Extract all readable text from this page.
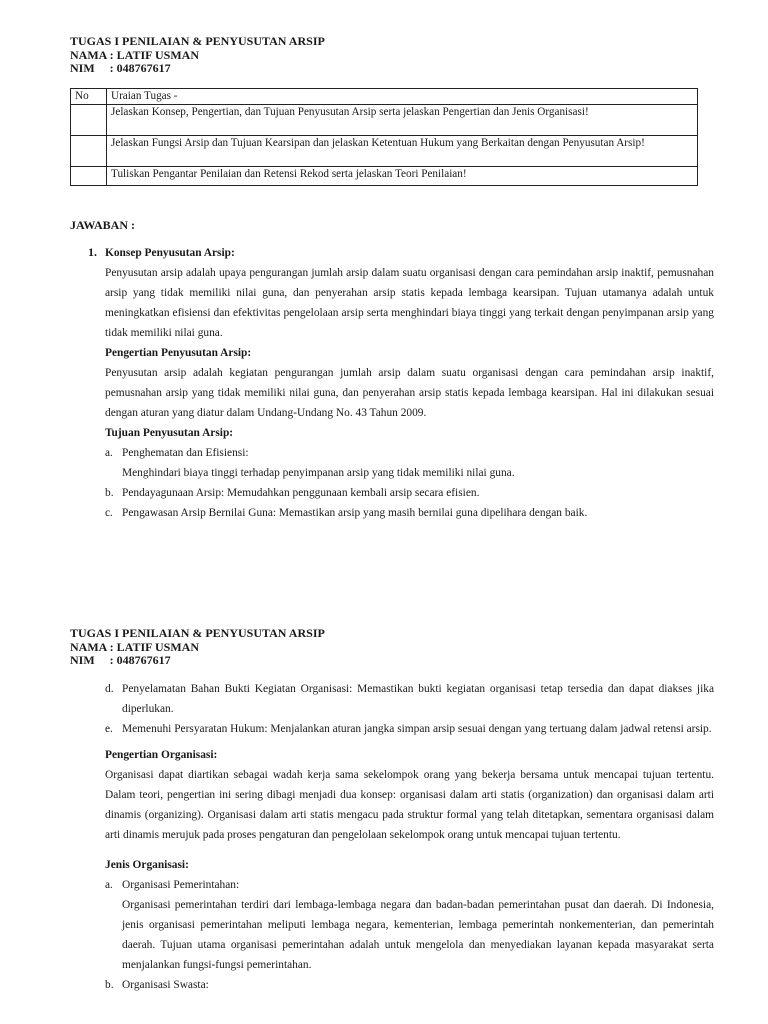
TUGAS I PENILAIAN & PENYUSUTAN ARSIP
NAMA : LATIF USMAN
NIM     : 048767617
No	Uraian Tugas -
	Jelaskan Konsep, Pengertian, dan Tujuan Penyusutan Arsip serta jelaskan Pengertian dan Jenis Organisasi!
	Jelaskan Fungsi Arsip dan Tujuan Kearsipan dan jelaskan Ketentuan Hukum yang Berkaitan dengan Penyusutan Arsip!
	Tuliskan Pengantar Penilaian dan Retensi Rekod serta jelaskan Teori Penilaian!
JAWABAN :
1. Konsep Penyusutan Arsip:

Penyusutan arsip adalah upaya pengurangan jumlah arsip dalam suatu organisasi dengan cara pemindahan arsip inaktif, pemusnahan arsip yang tidak memiliki nilai guna, dan penyerahan arsip statis kepada lembaga kearsipan. Tujuan utamanya adalah untuk meningkatkan efisiensi dan efektivitas pengelolaan arsip serta menghindari biaya tinggi yang terkait dengan penyimpanan arsip yang tidak memiliki nilai guna.

Pengertian Penyusutan Arsip:

Penyusutan arsip adalah kegiatan pengurangan jumlah arsip dalam suatu organisasi dengan cara pemindahan arsip inaktif, pemusnahan arsip yang tidak memiliki nilai guna, dan penyerahan arsip statis kepada lembaga kearsipan. Hal ini dilakukan sesuai dengan aturan yang diatur dalam Undang-Undang No. 43 Tahun 2009.

Tujuan Penyusutan Arsip:
a. Penghematan dan Efisiensi:
Menghindari biaya tinggi terhadap penyimpanan arsip yang tidak memiliki nilai guna.
b. Pendayagunaan Arsip: Memudahkan penggunaan kembali arsip secara efisien.
c. Pengawasan Arsip Bernilai Guna: Memastikan arsip yang masih bernilai guna dipelihara dengan baik.
TUGAS I PENILAIAN & PENYUSUTAN ARSIP
NAMA : LATIF USMAN
NIM     : 048767617
d. Penyelamatan Bahan Bukti Kegiatan Organisasi: Memastikan bukti kegiatan organisasi tetap tersedia dan dapat diakses jika diperlukan.

e. Memenuhi Persyaratan Hukum: Menjalankan aturan jangka simpan arsip sesuai dengan yang tertuang dalam jadwal retensi arsip.

Pengertian Organisasi:

Organisasi dapat diartikan sebagai wadah kerja sama sekelompok orang yang bekerja bersama untuk mencapai tujuan tertentu. Dalam teori, pengertian ini sering dibagi menjadi dua konsep: organisasi dalam arti statis (organization) dan organisasi dalam arti dinamis (organizing). Organisasi dalam arti statis mengacu pada struktur formal yang telah ditetapkan, sementara organisasi dalam arti dinamis merujuk pada proses pengaturan dan pengelolaan sekelompok orang untuk mencapai tujuan tertentu.

Jenis Organisasi:
a. Organisasi Pemerintahan:

Organisasi pemerintahan terdiri dari lembaga-lembaga negara dan badan-badan pemerintahan pusat dan daerah. Di Indonesia, jenis organisasi pemerintahan meliputi lembaga negara, kementerian, lembaga pemerintah nonkementerian, dan pemerintah daerah. Tujuan utama organisasi pemerintahan adalah untuk mengelola dan menyediakan layanan kepada masyarakat serta menjalankan fungsi-fungsi pemerintahan.

b. Organisasi Swasta:
